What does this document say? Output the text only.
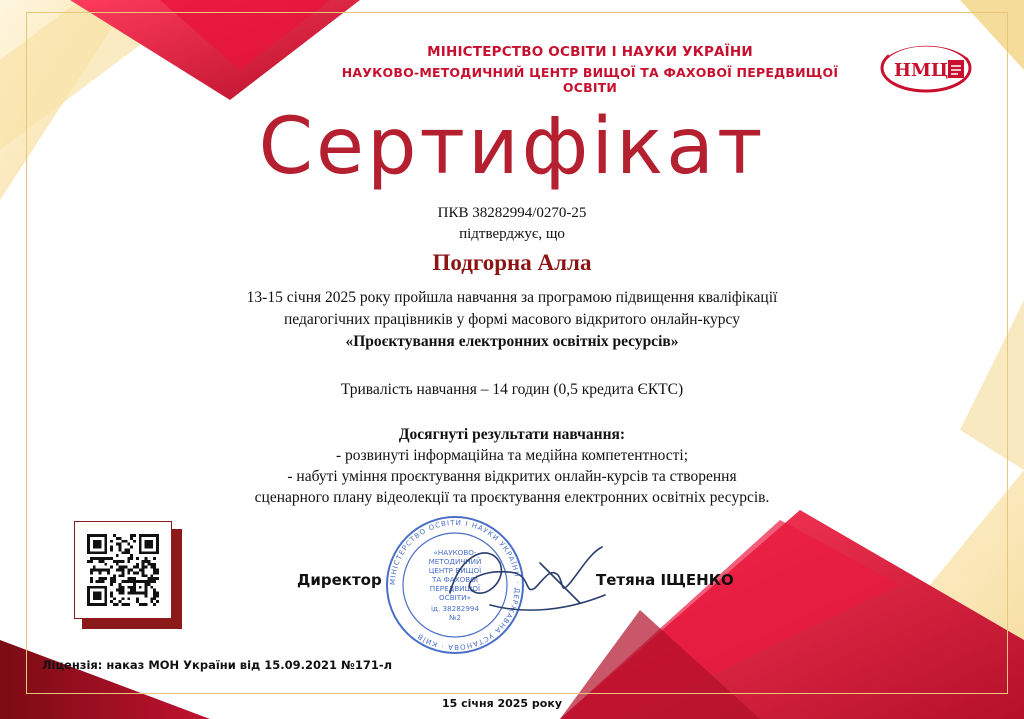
МІНІСТЕРСТВО ОСВІТИ І НАУКИ УКРАЇНИ
НАУКОВО-МЕТОДИЧНИЙ ЦЕНТР ВИЩОЇ ТА ФАХОВОЇ ПЕРЕДВИЩОЇ ОСВІТИ
НМЦ
Сертифікат
ПКВ 38282994/0270-25
підтверджує, що
Подгорна Алла
13-15 січня 2025 року пройшла навчання за програмою підвищення кваліфікації
педагогічних працівників у формі масового відкритого онлайн-курсу
«Проєктування електронних освітніх ресурсів»
Тривалість навчання – 14 годин (0,5 кредита ЄКТС)
Досягнуті результати навчання:
- розвинуті інформаційна та медійна компетентності;
- набуті уміння проєктування відкритих онлайн-курсів та створення
сценарного плану відеолекції та проєктування електронних освітніх ресурсів.
МІНІСТЕРСТВО ОСВІТИ І НАУКИ УКРАЇНИ · ДЕРЖАВНА УСТАНОВА · КИЇВ ·
«НАУКОВО-
МЕТОДИЧНИЙ
ЦЕНТР ВИЩОЇ
ТА ФАХОВОЇ
ПЕРЕДВИЩОЇ
ОСВІТИ»
ід. 38282994
№2
Директор	Тетяна ІЩЕНКО
Ліцензія: наказ МОН України від 15.09.2021 №171-л
15 січня 2025 року
